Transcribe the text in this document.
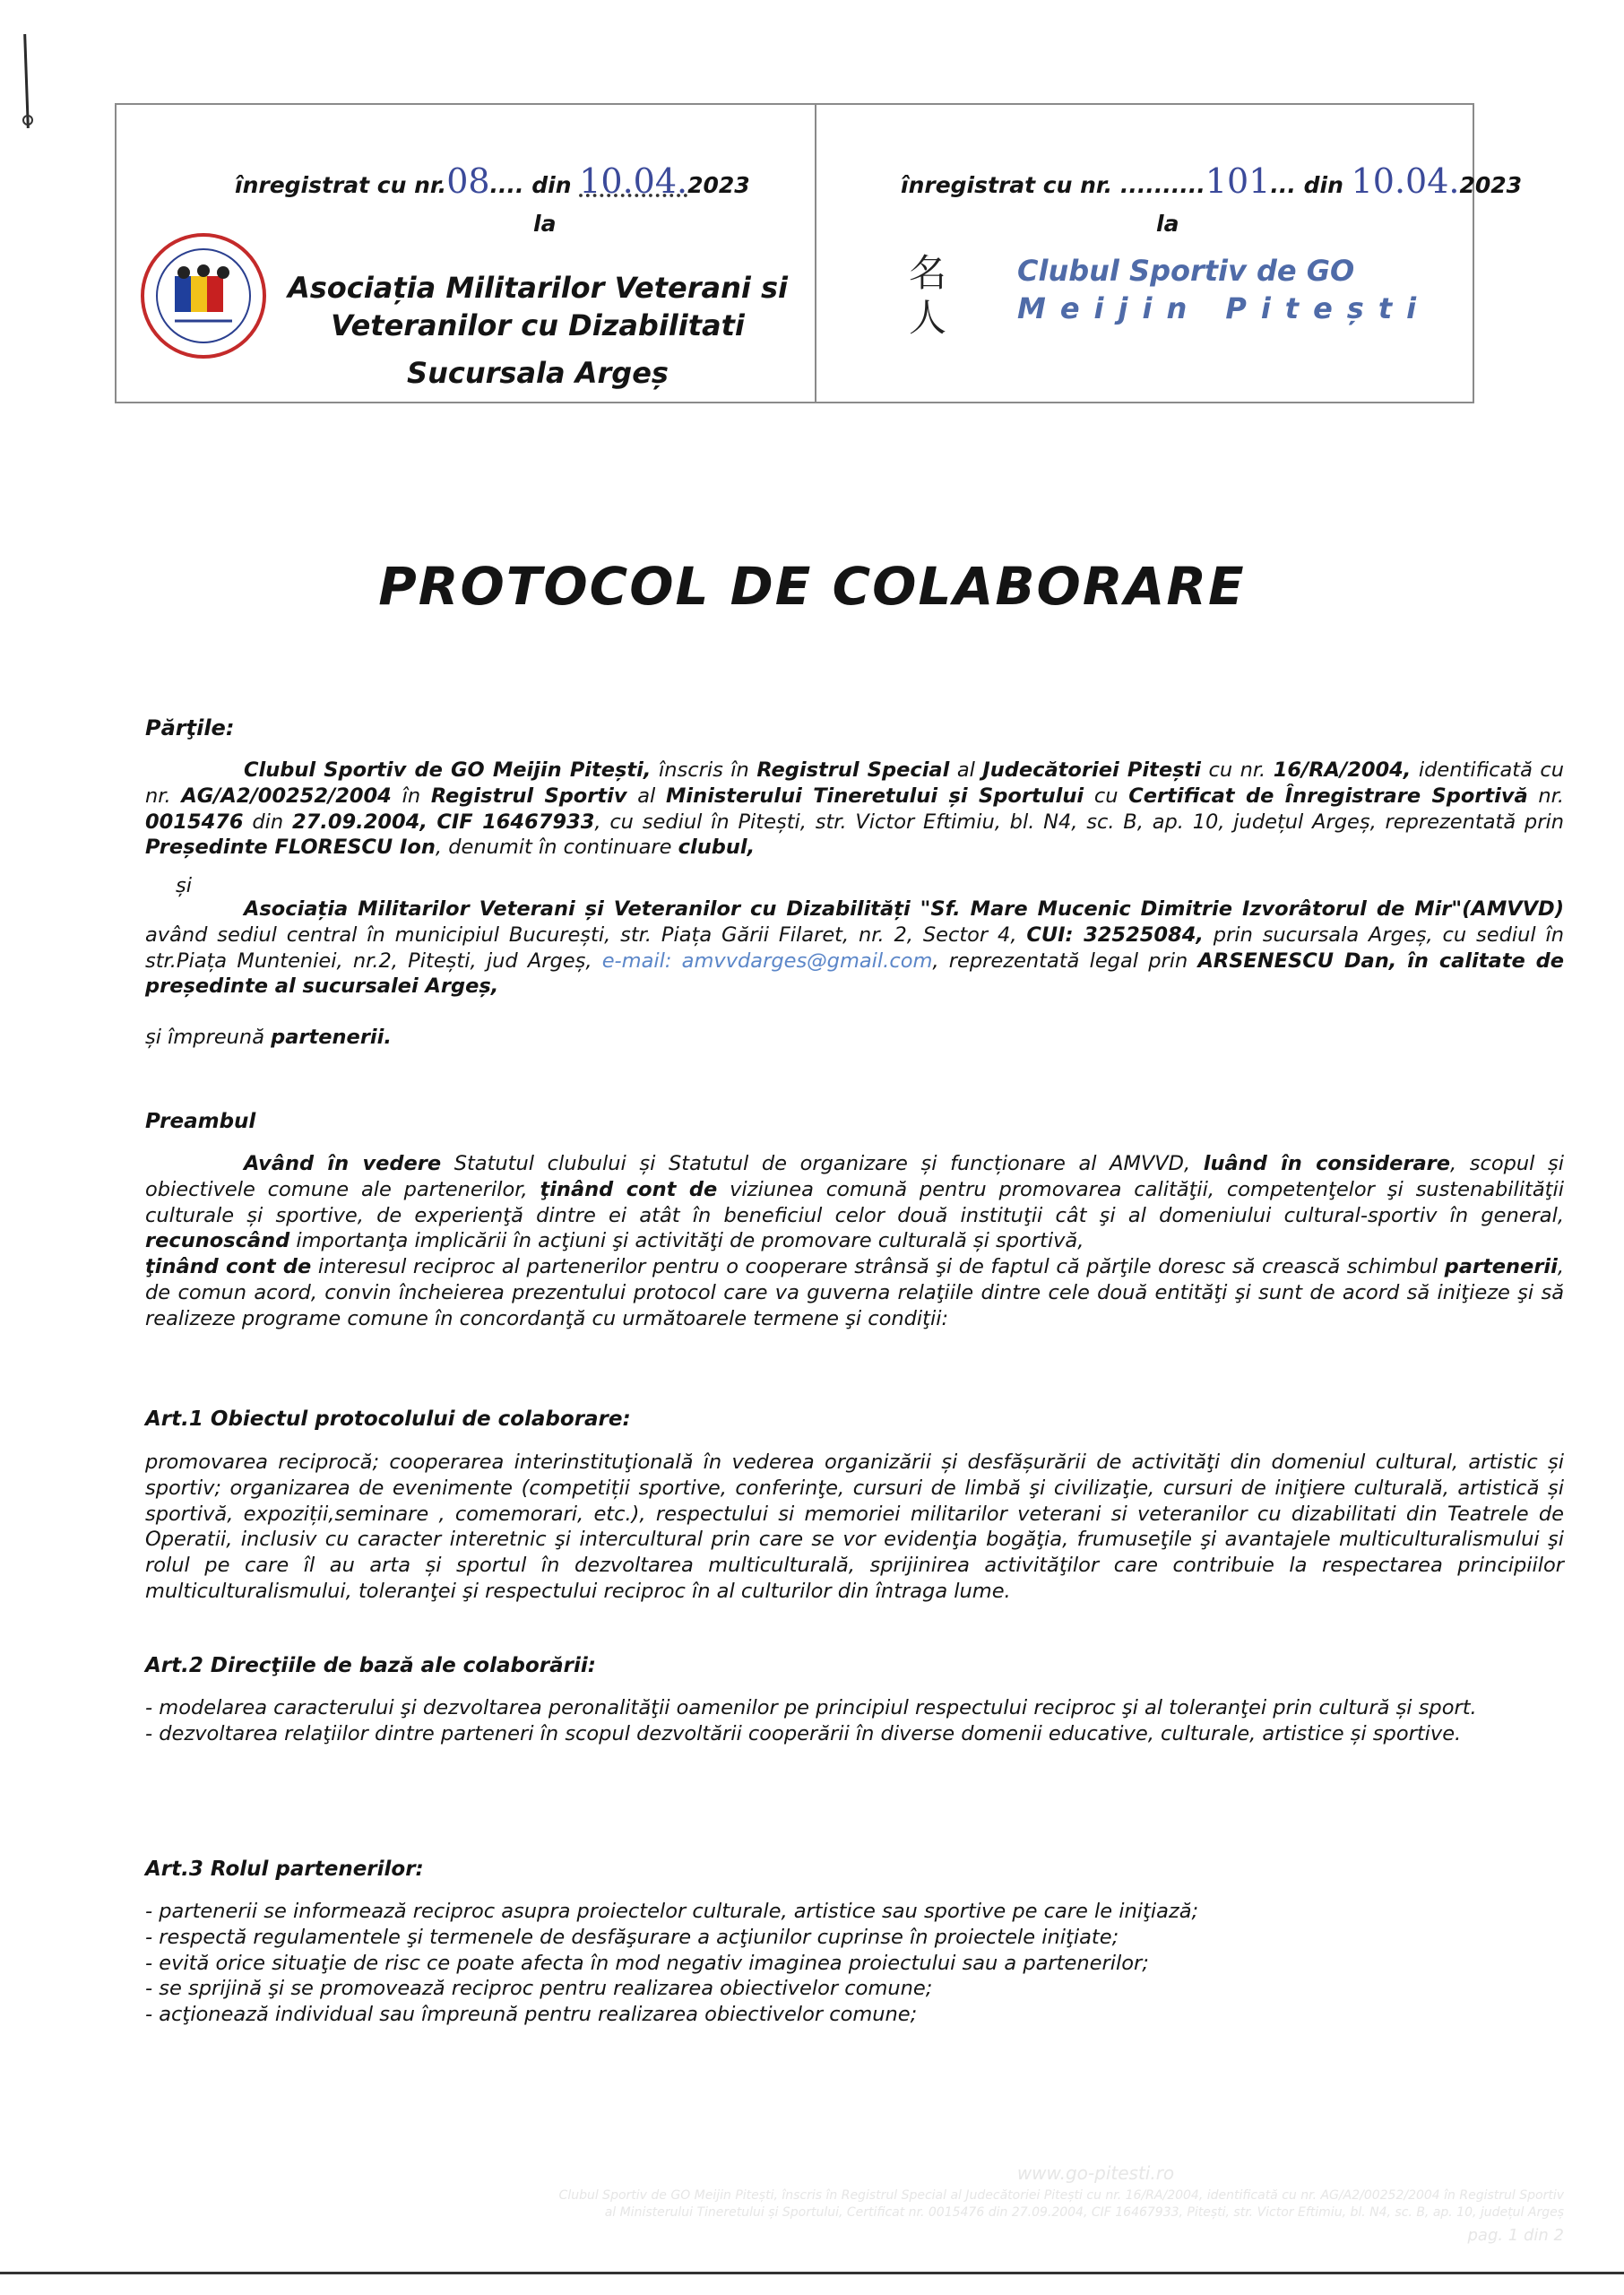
înregistrat cu nr.08.... din 10.04.2023
la
Asociația Militarilor Veterani si
Veteranilor cu Dizabilitati
Sucursala Argeș
înregistrat cu nr. ..........101... din 10.04.2023
la
名人
Clubul Sportiv de GO
Meijin Pitești
PROTOCOL DE COLABORARE
Părţile:
Clubul Sportiv de GO Meijin Pitești, înscris în Registrul Special al Judecătoriei Pitești cu nr. 16/RA/2004, identificată cu nr. AG/A2/00252/2004 în Registrul Sportiv al Ministerului Tineretului și Sportului cu Certificat de Înregistrare Sportivă nr. 0015476 din 27.09.2004, CIF 16467933, cu sediul în Pitești, str. Victor Eftimiu, bl. N4, sc. B, ap. 10, județul Argeș, reprezentată prin Președinte FLORESCU Ion, denumit în continuare clubul,
și
Asociația Militarilor Veterani și Veteranilor cu Dizabilități "Sf. Mare Mucenic Dimitrie Izvorâtorul de Mir"(AMVVD) având sediul central în municipiul București, str. Piața Gării Filaret, nr. 2, Sector 4, CUI: 32525084, prin sucursala Argeș, cu sediul în str.Piața Munteniei, nr.2, Pitești, jud Argeș, e-mail: amvvdarges@gmail.com, reprezentată legal prin ARSENESCU Dan, în calitate de președinte al sucursalei Argeș,
și împreună partenerii.
Preambul
Având în vedere Statutul clubului și Statutul de organizare și funcționare al AMVVD, luând în considerare, scopul și obiectivele comune ale partenerilor, ţinând cont de viziunea comună pentru promovarea calităţii, competenţelor şi sustenabilităţii culturale și sportive, de experienţă dintre ei atât în beneficiul celor două instituţii cât şi al domeniului cultural-sportiv în general, recunoscând importanţa implicării în acţiuni şi activităţi de promovare culturală și sportivă,
ţinând cont de interesul reciproc al partenerilor pentru o cooperare strânsă şi de faptul că părţile doresc să crească schimbul partenerii, de comun acord, convin încheierea prezentului protocol care va guverna relaţiile dintre cele două entităţi şi sunt de acord să iniţieze şi să realizeze programe comune în concordanţă cu următoarele termene şi condiţii:
Art.1 Obiectul protocolului de colaborare:
promovarea reciprocă; cooperarea interinstituţională în vederea organizării și desfășurării de activităţi din domeniul cultural, artistic și sportiv; organizarea de evenimente (competiții sportive, conferinţe, cursuri de limbă şi civilizaţie, cursuri de iniţiere culturală, artistică și sportivă, expoziții,seminare , comemorari, etc.), respectului si memoriei militarilor veterani si veteranilor cu dizabilitati din Teatrele de Operatii, inclusiv cu caracter interetnic şi intercultural prin care se vor evidenţia bogăţia, frumuseţile şi avantajele multiculturalismului şi rolul pe care îl au arta și sportul în dezvoltarea multiculturală, sprijinirea activităţilor care contribuie la respectarea principiilor multiculturalismului, toleranţei şi respectului reciproc în al culturilor din întraga lume.
Art.2 Direcţiile de bază ale colaborării:
- modelarea caracterului şi dezvoltarea peronalităţii oamenilor pe principiul respectului reciproc şi al toleranţei prin cultură și sport.
- dezvoltarea relaţiilor dintre parteneri în scopul dezvoltării cooperării în diverse domenii educative, culturale, artistice și sportive.
Art.3 Rolul partenerilor:
- partenerii se informează reciproc asupra proiectelor culturale, artistice sau sportive pe care le iniţiază;
- respectă regulamentele şi termenele de desfăşurare a acţiunilor cuprinse în proiectele iniţiate;
- evită orice situaţie de risc ce poate afecta în mod negativ imaginea proiectului sau a partenerilor;
- se sprijină şi se promovează reciproc pentru realizarea obiectivelor comune;
- acţionează individual sau împreună pentru realizarea obiectivelor comune;
www.go-pitesti.ro
Clubul Sportiv de GO Meijin Pitești, înscris în Registrul Special al Judecătoriei Pitești cu nr. 16/RA/2004, identificată cu nr. AG/A2/00252/2004 în Registrul Sportiv
al Ministerului Tineretului și Sportului, Certificat nr. 0015476 din 27.09.2004, CIF 16467933, Pitești, str. Victor Eftimiu, bl. N4, sc. B, ap. 10, județul Argeș
pag. 1 din 2
